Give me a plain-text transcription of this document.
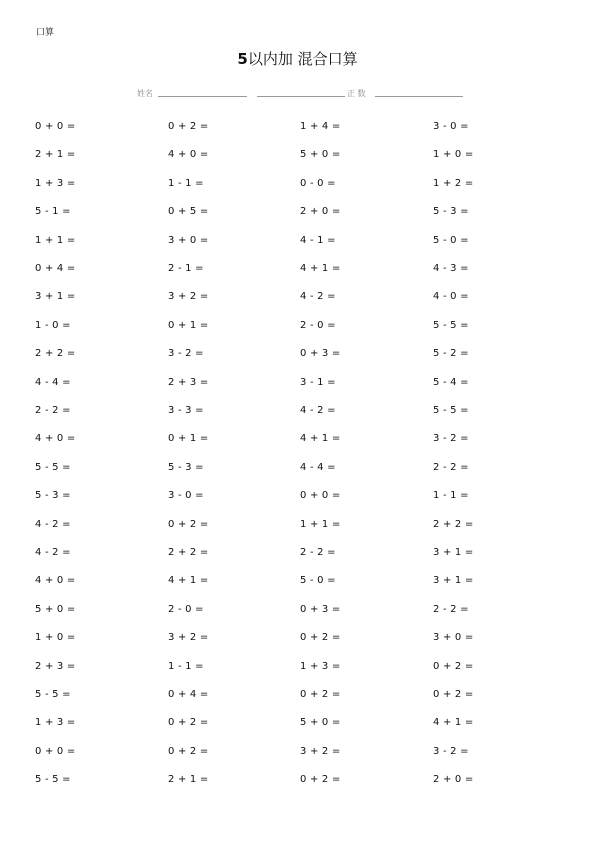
口算
5以内加 混合口算
姓名	正 数
0 + 0 =	0 + 2 =	1 + 4 =	3 - 0 =
2 + 1 =	4 + 0 =	5 + 0 =	1 + 0 =
1 + 3 =	1 - 1 =	0 - 0 =	1 + 2 =
5 - 1 =	0 + 5 =	2 + 0 =	5 - 3 =
1 + 1 =	3 + 0 =	4 - 1 =	5 - 0 =
0 + 4 =	2 - 1 =	4 + 1 =	4 - 3 =
3 + 1 =	3 + 2 =	4 - 2 =	4 - 0 =
1 - 0 =	0 + 1 =	2 - 0 =	5 - 5 =
2 + 2 =	3 - 2 =	0 + 3 =	5 - 2 =
4 - 4 =	2 + 3 =	3 - 1 =	5 - 4 =
2 - 2 =	3 - 3 =	4 - 2 =	5 - 5 =
4 + 0 =	0 + 1 =	4 + 1 =	3 - 2 =
5 - 5 =	5 - 3 =	4 - 4 =	2 - 2 =
5 - 3 =	3 - 0 =	0 + 0 =	1 - 1 =
4 - 2 =	0 + 2 =	1 + 1 =	2 + 2 =
4 - 2 =	2 + 2 =	2 - 2 =	3 + 1 =
4 + 0 =	4 + 1 =	5 - 0 =	3 + 1 =
5 + 0 =	2 - 0 =	0 + 3 =	2 - 2 =
1 + 0 =	3 + 2 =	0 + 2 =	3 + 0 =
2 + 3 =	1 - 1 =	1 + 3 =	0 + 2 =
5 - 5 =	0 + 4 =	0 + 2 =	0 + 2 =
1 + 3 =	0 + 2 =	5 + 0 =	4 + 1 =
0 + 0 =	0 + 2 =	3 + 2 =	3 - 2 =
5 - 5 =	2 + 1 =	0 + 2 =	2 + 0 =
